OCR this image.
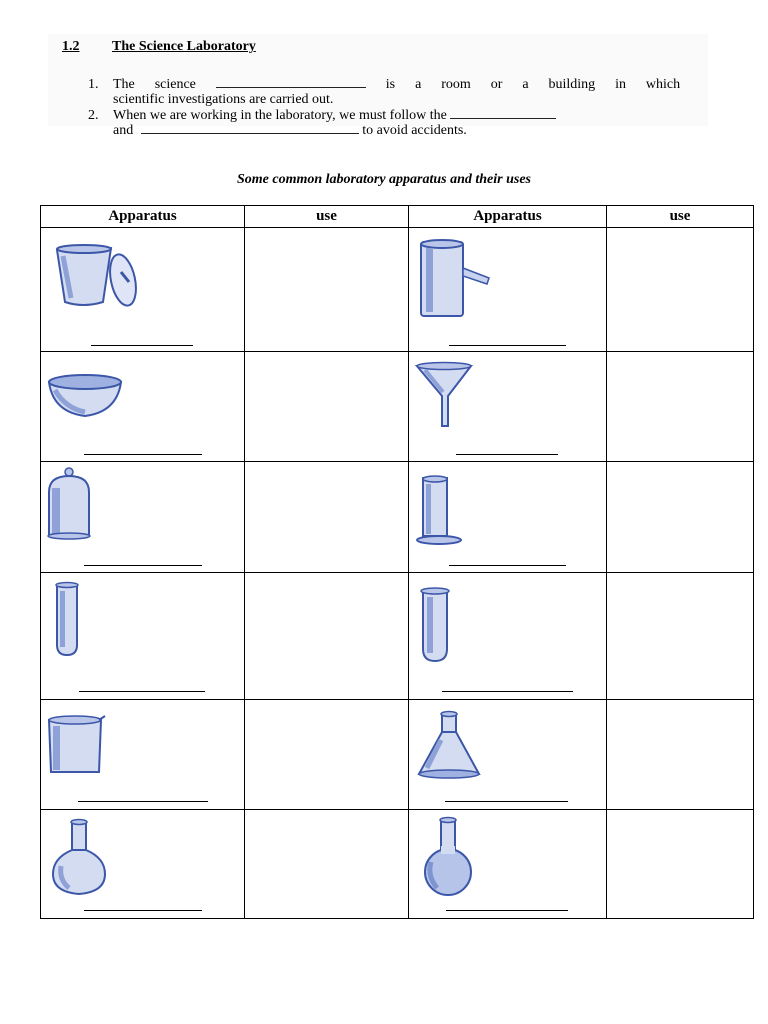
1.2 The Science Laboratory
1. The science	is a room or a building in which
scientific investigations are carried out.
2. When we are working in the laboratory, we must follow the
and	to avoid accidents.
Some common laboratory apparatus and their uses
Apparatus	use	Apparatus	use
